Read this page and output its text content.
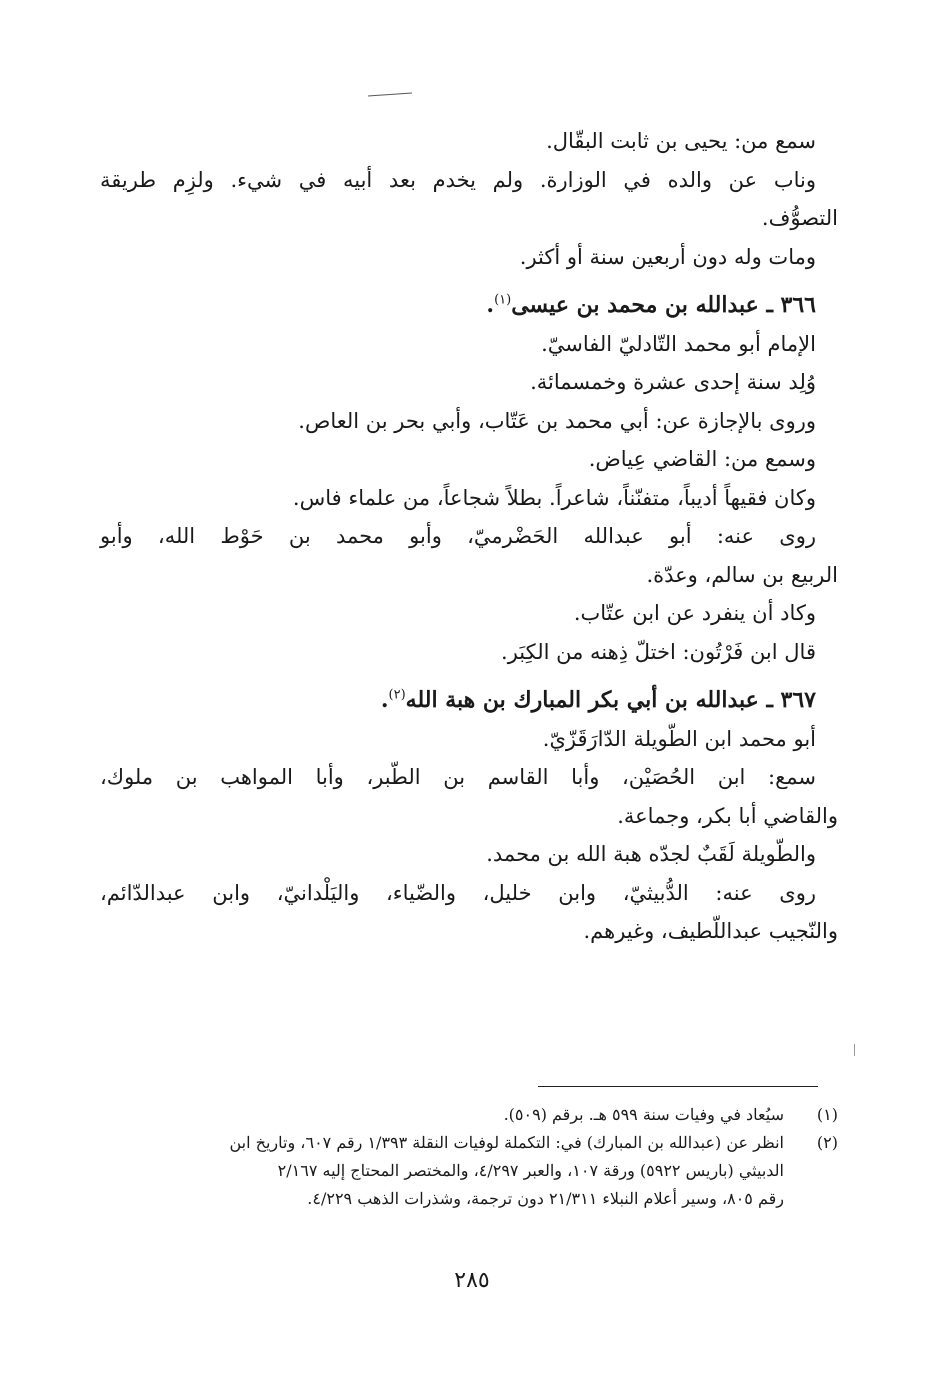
سمع من: يحيى بن ثابت البقّال.
وناب عن والده في الوزارة. ولم يخدم بعد أبيه في شيء. ولزِم طريقة
التصوُّف.
ومات وله دون أربعين سنة أو أكثر.
٣٦٦ ـ عبدالله بن محمد بن عيسى$^{(١)}$.
الإمام أبو محمد التّادليّ الفاسيّ.
وُلِد سنة إحدى عشرة وخمسمائة.
وروى بالإجازة عن: أبي محمد بن عَتّاب، وأبي بحر بن العاص.
وسمع من: القاضي عِياض.
وكان فقيهاً أديباً، متفنّناً، شاعراً. بطلاً شجاعاً، من علماء فاس.
روى عنه: أبو عبدالله الحَضْرميّ، وأبو محمد بن حَوْط الله، وأبو
الربيع بن سالم، وعدّة.
وكاد أن ينفرد عن ابن عتّاب.
قال ابن فَرْتُون: اختلّ ذِهنه من الكِبَر.
٣٦٧ ـ عبدالله بن أبي بكر المبارك بن هبة الله$^{(٢)}$.
أبو محمد ابن الطّويلة الدّارَقَزّيّ.
سمع: ابن الحُصَيْن، وأبا القاسم بن الطّبر، وأبا المواهب بن ملوك،
والقاضي أبا بكر، وجماعة.
والطّويلة لَقَبٌ لجدّه هبة الله بن محمد.
روى عنه: الدُّبيثيّ، وابن خليل، والضّياء، واليَلْدانيّ، وابن عبدالدّائم،
والنّجيب عبداللّطيف، وغيرهم.
(١)
سيُعاد في وفيات سنة ٥٩٩ هـ. برقم (٥٠٩).
(٢)
انظر عن (عبدالله بن المبارك) في: التكملة لوفيات النقلة ١/٣٩٣ رقم ٦٠٧، وتاريخ ابن
الدبيثي (باريس ٥٩٢٢) ورقة ١٠٧، والعبر ٤/٢٩٧، والمختصر المحتاج إليه ٢/١٦٧
رقم ٨٠٥، وسير أعلام النبلاء ٢١/٣١١ دون ترجمة، وشذرات الذهب ٤/٢٢٩.
٢٨٥
